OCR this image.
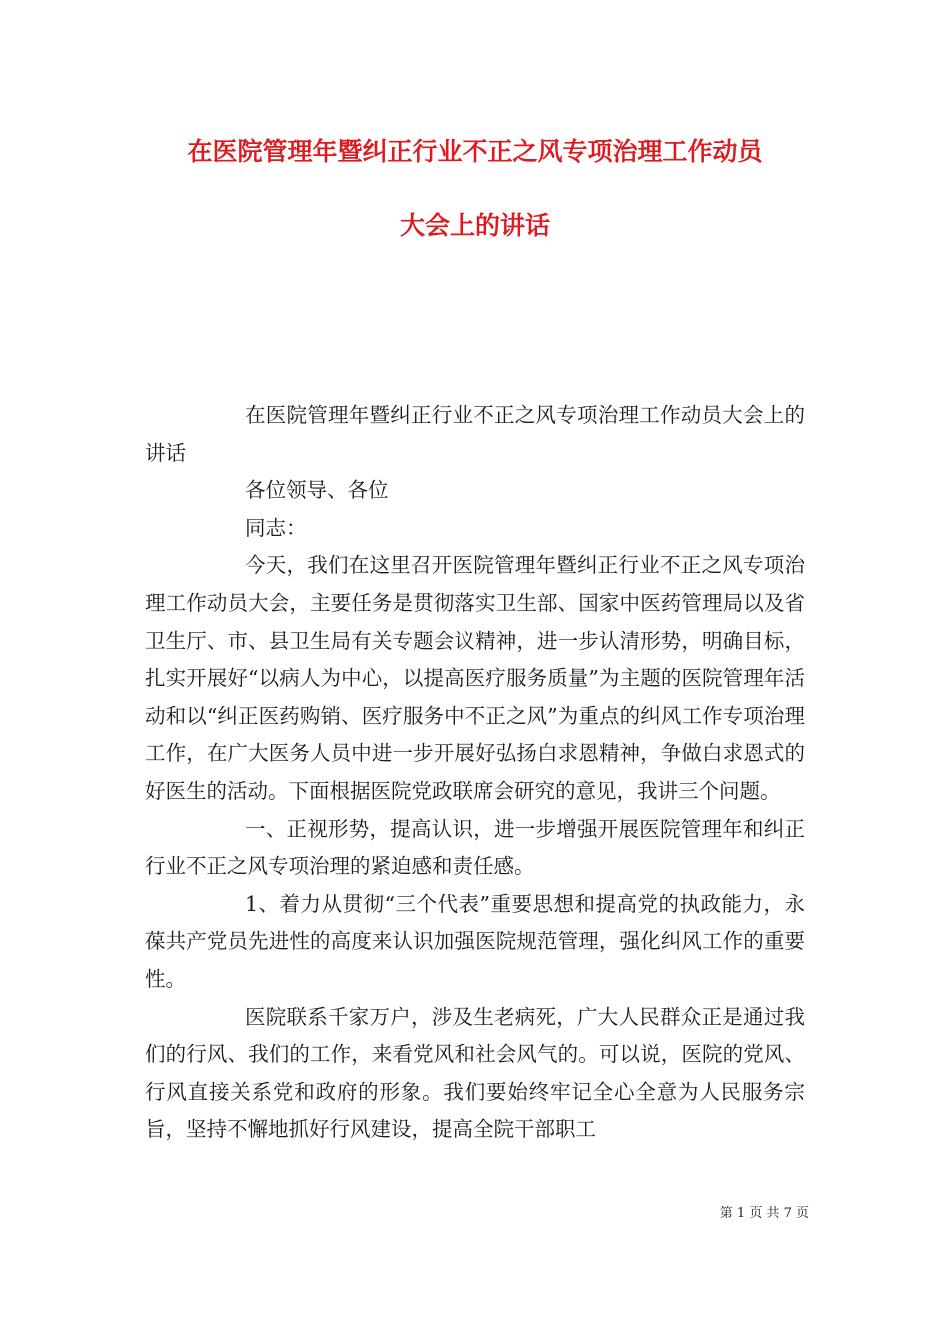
在医院管理年暨纠正行业不正之风专项治理工作动员
大会上的讲话

在医院管理年暨纠正行业不正之风专项治理工作动员大会上的讲话

各位领导、各位

同志：

今天，我们在这里召开医院管理年暨纠正行业不正之风专项治理工作动员大会，主要任务是贯彻落实卫生部、国家中医药管理局以及省卫生厅、市、县卫生局有关专题会议精神，进一步认清形势，明确目标，扎实开展好“以病人为中心，以提高医疗服务质量”为主题的医院管理年活动和以“纠正医药购销、医疗服务中不正之风”为重点的纠风工作专项治理工作，在广大医务人员中进一步开展好弘扬白求恩精神，争做白求恩式的好医生的活动。下面根据医院党政联席会研究的意见，我讲三个问题。

一、正视形势，提高认识，进一步增强开展医院管理年和纠正行业不正之风专项治理的紧迫感和责任感。

1、着力从贯彻“三个代表”重要思想和提高党的执政能力，永葆共产党员先进性的高度来认识加强医院规范管理，强化纠风工作的重要性。

医院联系千家万户，涉及生老病死，广大人民群众正是通过我们的行风、我们的工作，来看党风和社会风气的。可以说，医院的党风、行风直接关系党和政府的形象。我们要始终牢记全心全意为人民服务宗旨，坚持不懈地抓好行风建设，提高全院干部职工

第 1 页 共 7 页
